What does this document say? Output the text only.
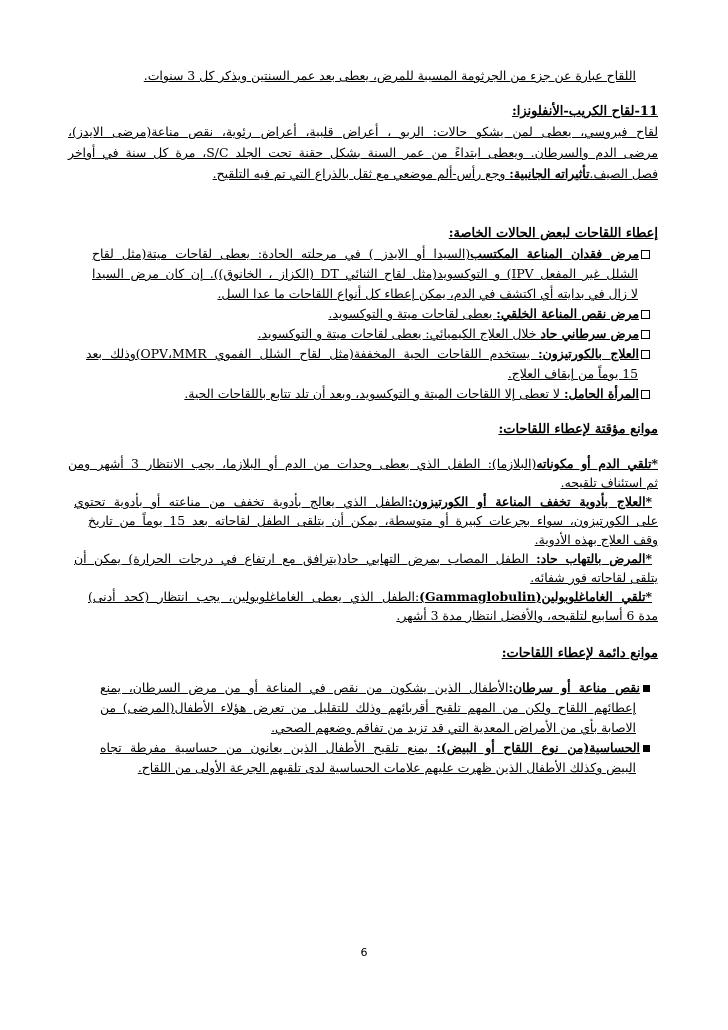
اللقاح عبارة عن جزء من الجرثومة المسببة للمرض، يعطى بعد عمر السنتين ويذكر كل 3 سنوات.
11-لقاح الكريب-الأنفلونزا:
لقاح فيروسي، يعطى لمن يشكو حالات: الربو ، أعراض قلبية، أعراض رئوية، نقص مناعة(مرضى الايدز)،
مرضى الدم والسرطان. ويعطى ابتداءً من عمر السنة بشكل حقنة تحت الجلد S/C، مرة كل سنة في أواخر
فصل الصيف.تأثيراته الجانبية: وجع رأس-ألم موضعي مع ثقل بالذراع التي تم فيه التلقيح.
إعطاء اللقاحات لبعض الحالات الخاصة:
مرض فقدان المناعة المكتسب(السيدا أو الايدز ) في مرحلته الحادة: يعطى لقاحات ميتة(مثل لقاح
الشلل غير المفعل IPV) و التوكسويد(مثل لقاح الثنائي DT (الكزاز ، الخانوق)). إن كان مرض السيدا
لا زال في بدايته أي اكتشف في الدم، يمكن إعطاء كل أنواع اللقاحات ما عدا السل.
مرض نقص المناعة الخلقي: يعطى لقاحات ميتة و التوكسويد.
مرض سرطاني حاد خلال العلاج الكيميائي: يعطى لقاحات ميتة و التوكسويد.
العلاج بالكورتيزون: يستخدم اللقاحات الحية المخففة(مثل لقاح الشلل الفموي OPV،MMR)وذلك بعد
15 يوماً من إيقاف العلاج.
المرأة الحامل: لا تعطى إلا اللقاحات الميتة و التوكسويد، وبعد أن تلد تتابع باللقاحات الحية.
موانع مؤقتة لإعطاء اللقاحات:
*تلقي الدم أو مكوناته(البلازما): الطفل الذي يعطى وحدات من الدم أو البلازما، يجب الانتظار 3 أشهر ومن
ثم استئناف تلقيحه.
*العلاج بأدوية تخفف المناعة أو الكورتيزون:الطفل الذي يعالج بأدوية تخفف من مناعته أو بأدوية تحتوي
على الكورتيزون، سواء بجرعات كبيرة أو متوسطة، يمكن أن يتلقى الطفل لقاحاته بعد 15 يوماً من تاريخ
وقف العلاج بهذه الأدوية.
*المرض بالتهاب حاد: الطفل المصاب بمرض التهابي حاد(يترافق مع ارتفاع في درجات الحرارة) يمكن أن
يتلقى لقاحاته فور شفائه.
*تلقي الغاماغلوبولين(Gammaglobulin):الطفل الذي يعطى الغاماغلوبولين، يجب انتظار (كحد أدنى)
مدة 6 أسابيع لتلقيحه، والأفضل انتظار مدة 3 أشهر.
موانع دائمة لإعطاء اللقاحات:
نقص مناعة أو سرطان:الأطفال الذين يشكون من نقص في المناعة أو من مرض السرطان، يمنع
إعطائهم اللقاح ولكن من المهم تلقيح أقربائهم وذلك للتقليل من تعرض هؤلاء الأطفال(المرضى) من
الاصابة بأي من الأمراض المعدية التي قد تزيد من تفاقم وضعهم الصحي.
الحساسية(من نوع اللقاح أو البيض): يمنع تلقيح الأطفال الذين يعانون من حساسية مفرطة تجاه
البيض وكذلك الأطفال الذين ظهرت عليهم علامات الحساسية لدى تلقيهم الجرعة الأولى من اللقاح.
6
